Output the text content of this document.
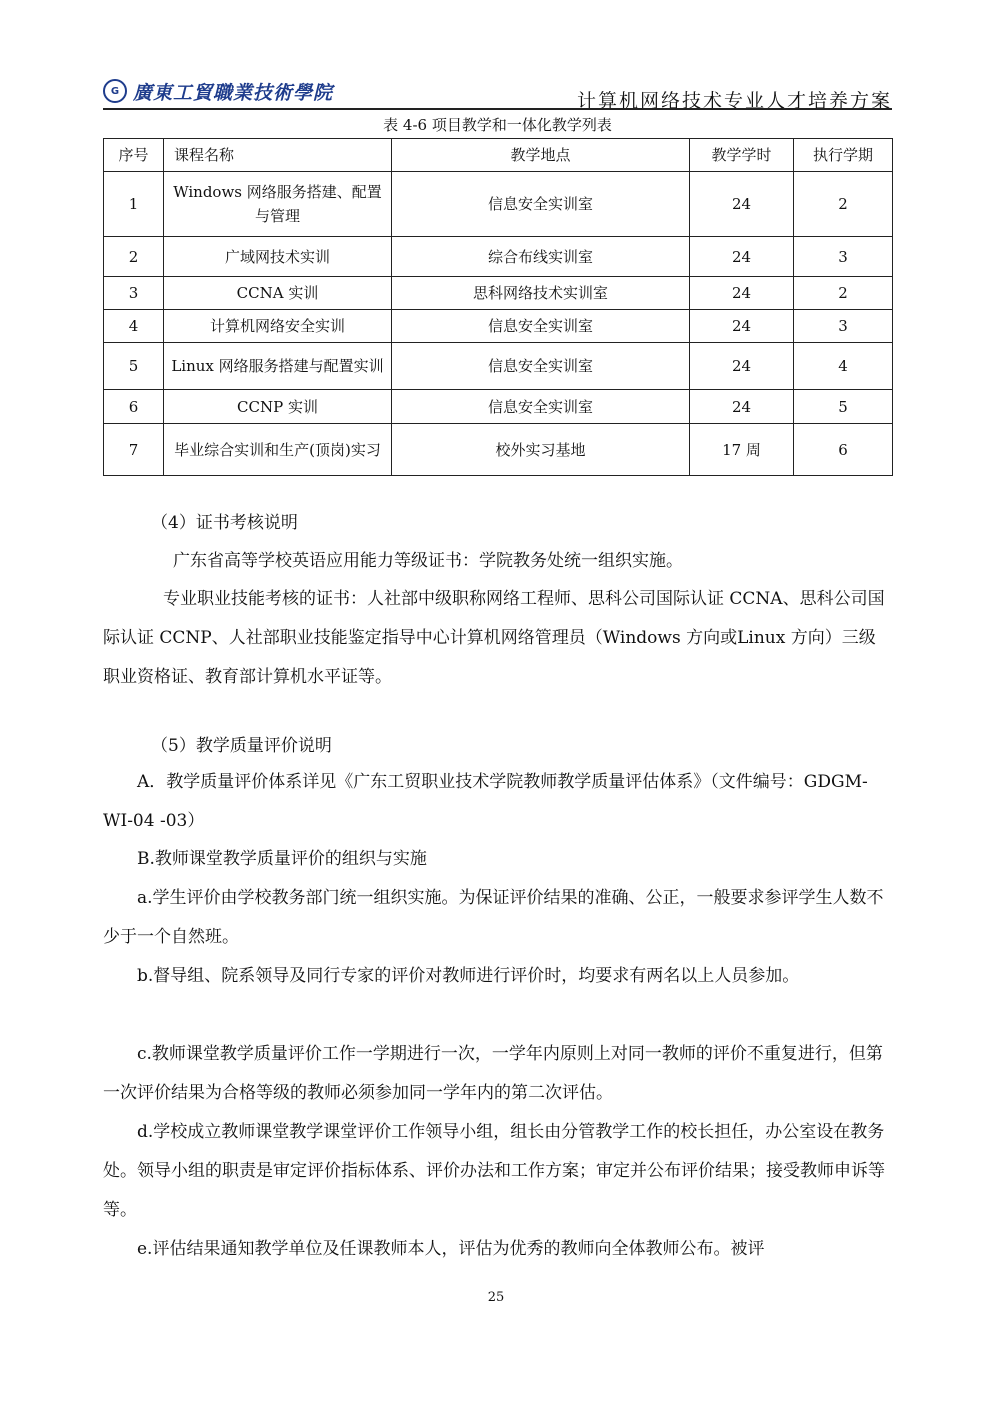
G 廣東工貿職業技術學院	计算机网络技术专业人才培养方案
表 4-6 项目教学和一体化教学列表
序号	课程名称	教学地点	教学学时	执行学期
1	Windows 网络服务搭建、配置与管理	信息安全实训室	24	2
2	广域网技术实训	综合布线实训室	24	3
3	CCNA 实训	思科网络技术实训室	24	2
4	计算机网络安全实训	信息安全实训室	24	3
5	Linux 网络服务搭建与配置实训	信息安全实训室	24	4
6	CCNP 实训	信息安全实训室	24	5
7	毕业综合实训和生产(顶岗)实习	校外实习基地	17 周	6

（4）证书考核说明

广东省高等学校英语应用能力等级证书：学院教务处统一组织实施。

专业职业技能考核的证书：人社部中级职称网络工程师、思科公司国际认证 CCNA、思科公司国际认证 CCNP、人社部职业技能鉴定指导中心计算机网络管理员（Windows 方向或Linux 方向）三级职业资格证、教育部计算机水平证等。

（5）教学质量评价说明

A．教学质量评价体系详见《广东工贸职业技术学院教师教学质量评估体系》（文件编号：GDGM-WI-04 -03）

B.教师课堂教学质量评价的组织与实施

a.学生评价由学校教务部门统一组织实施。为保证评价结果的准确、公正，一般要求参评学生人数不少于一个自然班。

b.督导组、院系领导及同行专家的评价对教师进行评价时，均要求有两名以上人员参加。

c.教师课堂教学质量评价工作一学期进行一次，一学年内原则上对同一教师的评价不重复进行，但第一次评价结果为合格等级的教师必须参加同一学年内的第二次评估。

d.学校成立教师课堂教学课堂评价工作领导小组，组长由分管教学工作的校长担任，办公室设在教务处。领导小组的职责是审定评价指标体系、评价办法和工作方案；审定并公布评价结果；接受教师申诉等等。

e.评估结果通知教学单位及任课教师本人，评估为优秀的教师向全体教师公布。被评

25
